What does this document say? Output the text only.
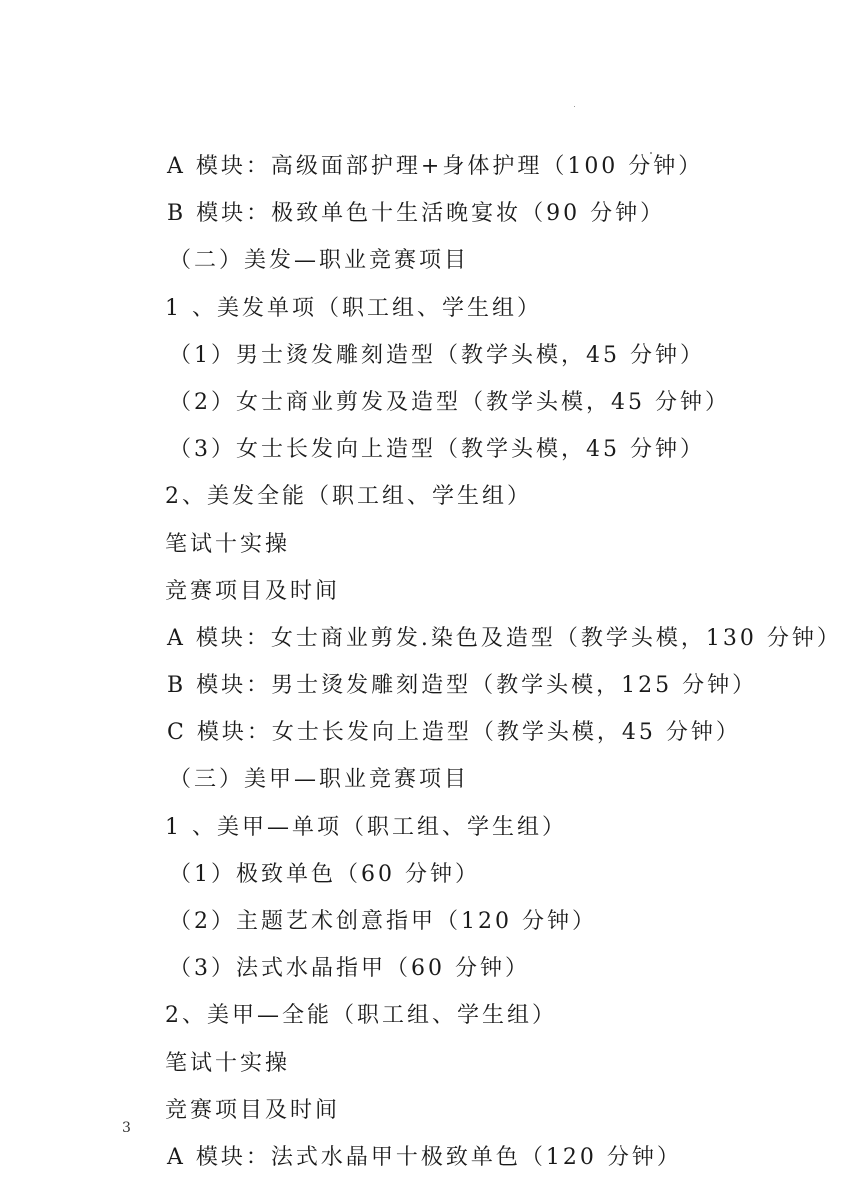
A 模块：高级面部护理+身体护理（100 分钟）
B 模块：极致单色十生活晚宴妆（90 分钟）
（二）美发—职业竞赛项目
1 、美发单项（职工组、学生组）
（1）男士烫发雕刻造型（教学头模，45 分钟）
（2）女士商业剪发及造型（教学头模，45 分钟）
（3）女士长发向上造型（教学头模，45 分钟）
2、美发全能（职工组、学生组）
笔试十实操
竞赛项目及时间
A 模块：女士商业剪发.染色及造型（教学头模，130 分钟）
B 模块：男士烫发雕刻造型（教学头模，125 分钟）
C 模块：女士长发向上造型（教学头模，45 分钟）
（三）美甲—职业竞赛项目
1 、美甲—单项（职工组、学生组）
（1）极致单色（60 分钟）
（2）主题艺术创意指甲（120 分钟）
（3）法式水晶指甲（60 分钟）
2、美甲—全能（职工组、学生组）
笔试十实操
竞赛项目及时间
A 模块：法式水晶甲十极致单色（120 分钟）
3
